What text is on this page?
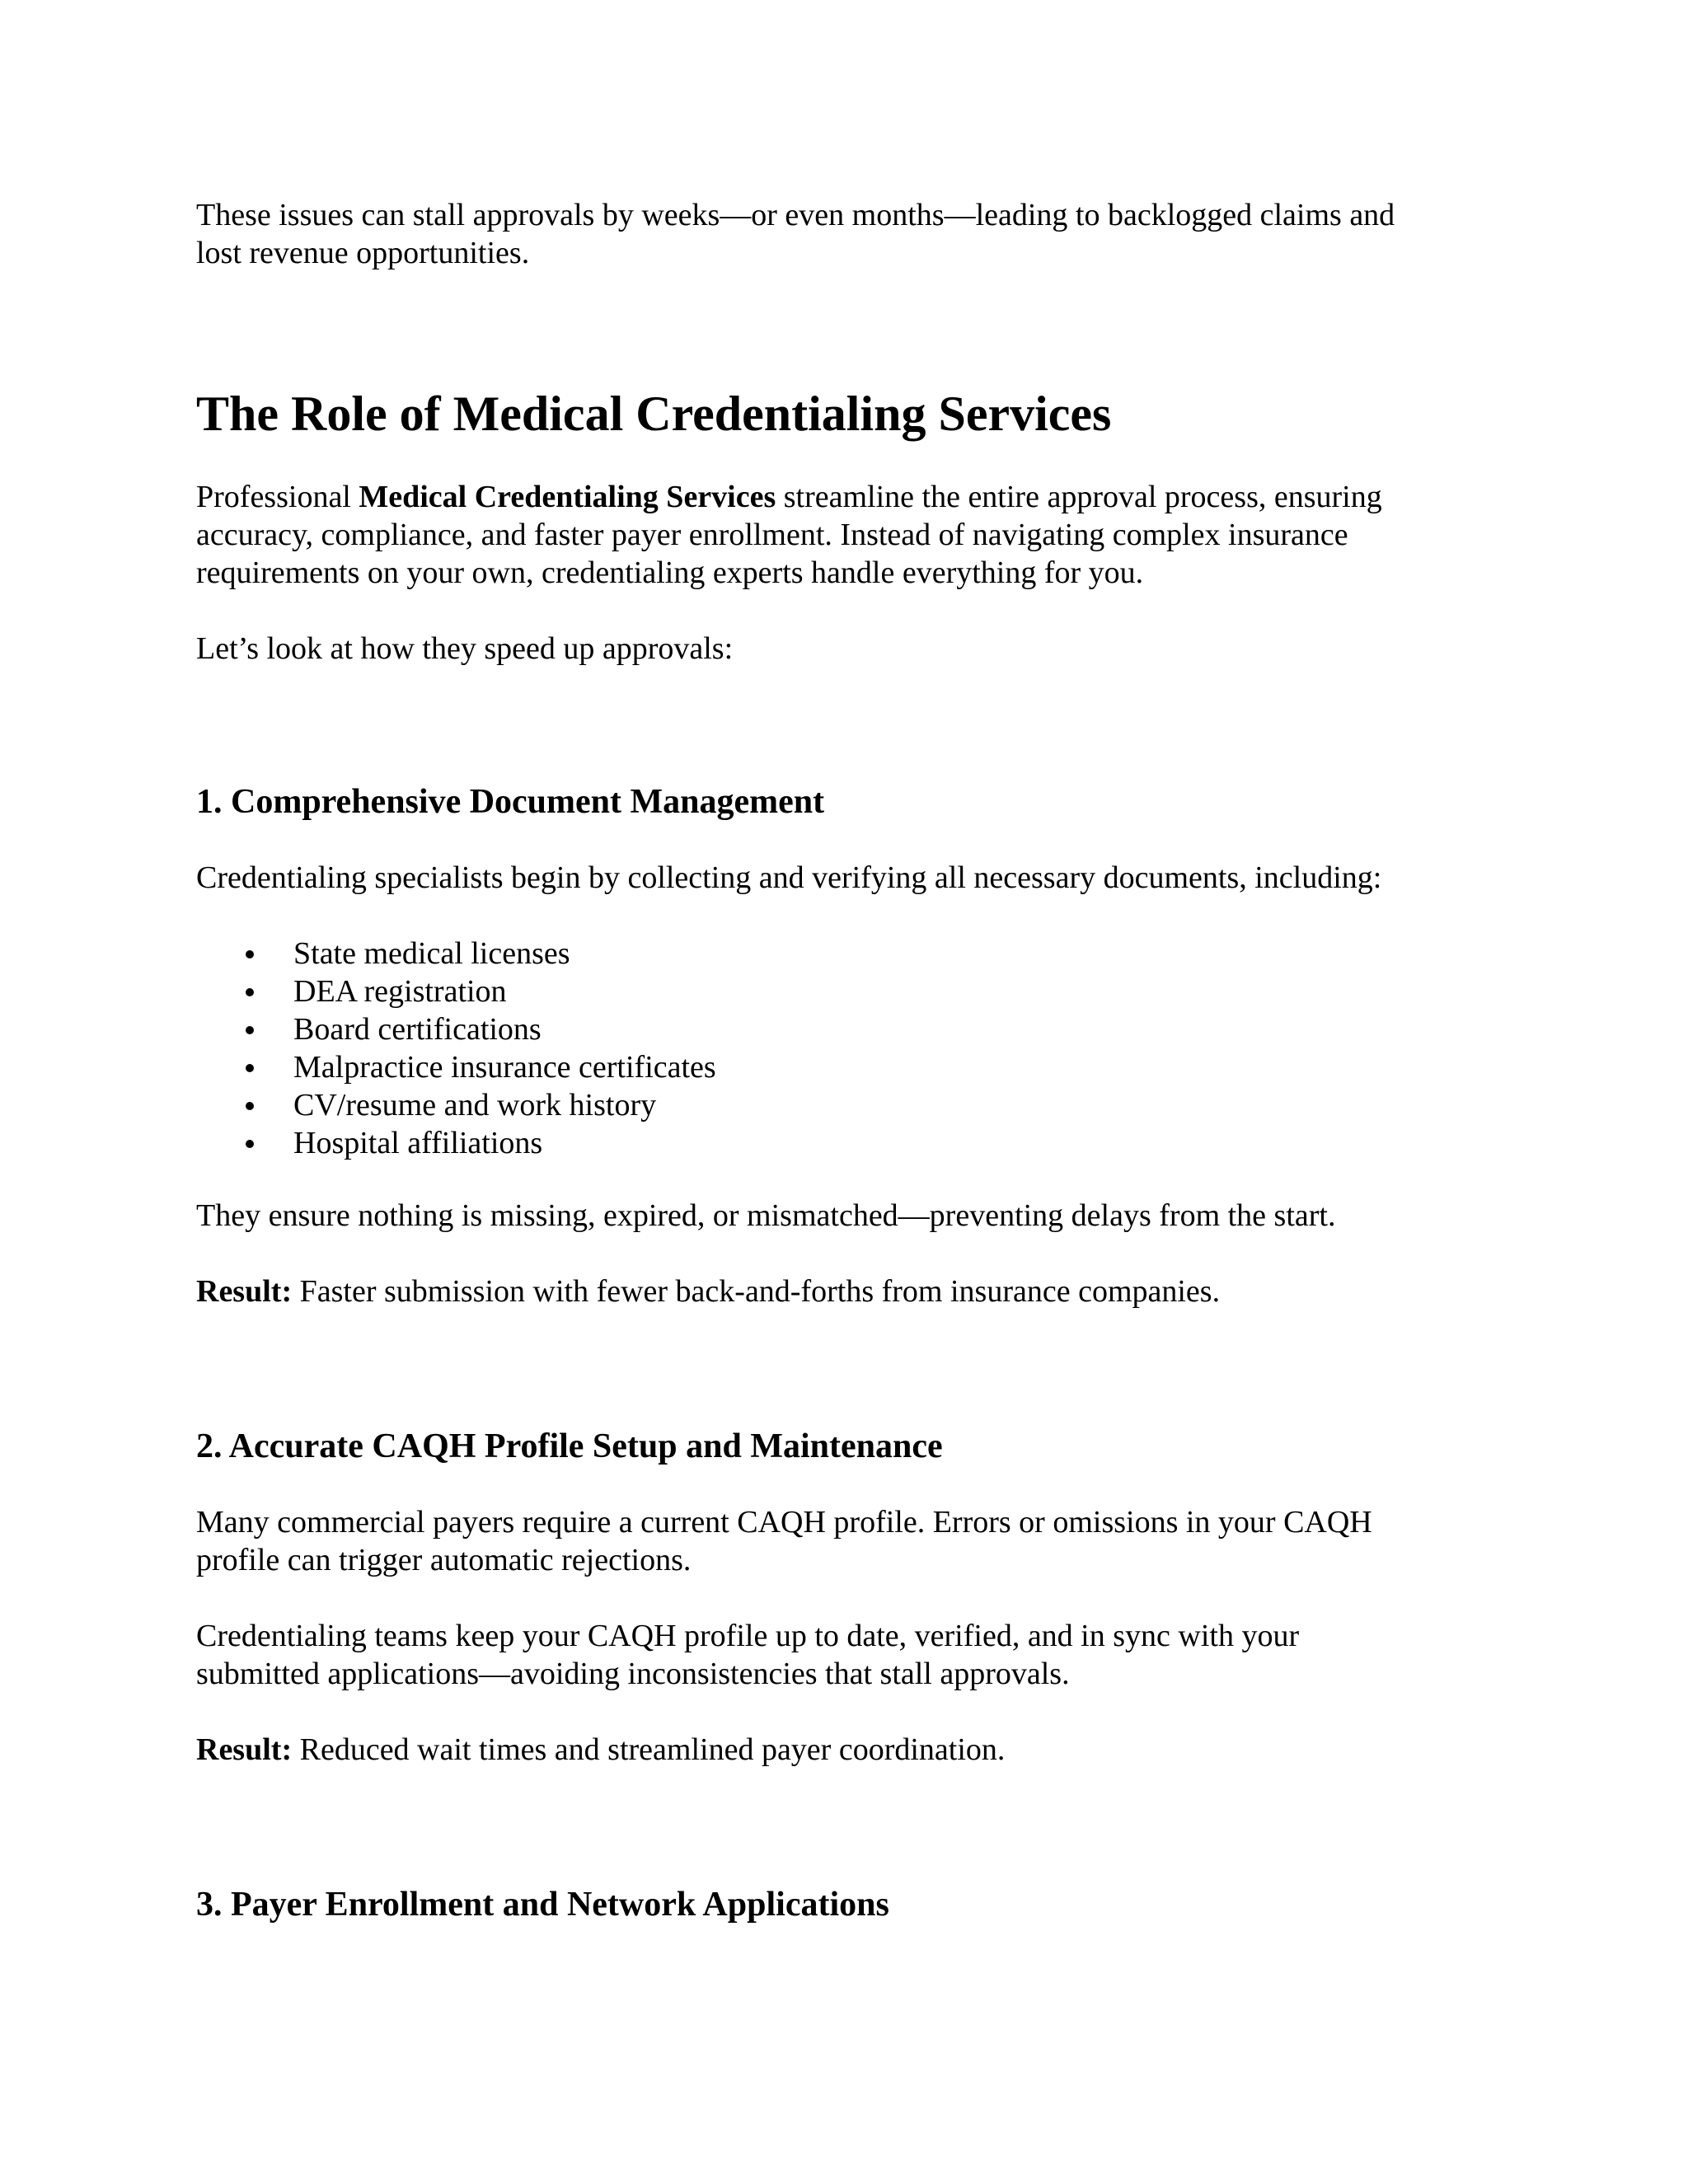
These issues can stall approvals by weeks—or even months—leading to backlogged claims and
lost revenue opportunities.

The Role of Medical Credentialing Services

Professional Medical Credentialing Services streamline the entire approval process, ensuring
accuracy, compliance, and faster payer enrollment. Instead of navigating complex insurance
requirements on your own, credentialing experts handle everything for you.

Let’s look at how they speed up approvals:

1. Comprehensive Document Management

Credentialing specialists begin by collecting and verifying all necessary documents, including:

State medical licenses
DEA registration
Board certifications
Malpractice insurance certificates
CV/resume and work history
Hospital affiliations

They ensure nothing is missing, expired, or mismatched—preventing delays from the start.

Result: Faster submission with fewer back-and-forths from insurance companies.

2. Accurate CAQH Profile Setup and Maintenance

Many commercial payers require a current CAQH profile. Errors or omissions in your CAQH
profile can trigger automatic rejections.

Credentialing teams keep your CAQH profile up to date, verified, and in sync with your
submitted applications—avoiding inconsistencies that stall approvals.

Result: Reduced wait times and streamlined payer coordination.

3. Payer Enrollment and Network Applications
